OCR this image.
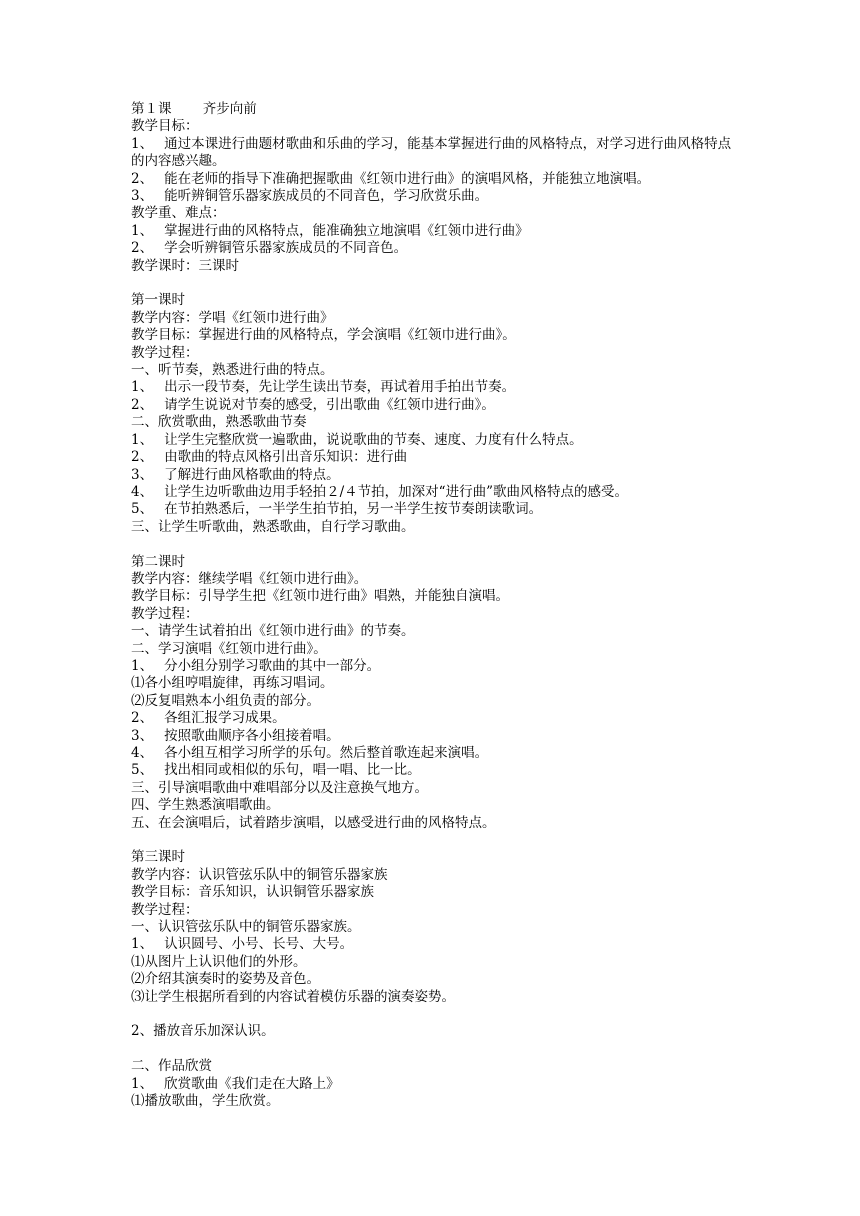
第１课　　 齐步向前
教学目标：
1、　 通过本课进行曲题材歌曲和乐曲的学习，能基本掌握进行曲的风格特点，对学习进行曲风格特点的内容感兴趣。
2、　 能在老师的指导下准确把握歌曲《红领巾进行曲》的演唱风格，并能独立地演唱。
3、　 能听辨铜管乐器家族成员的不同音色，学习欣赏乐曲。
教学重、难点：
1、　 掌握进行曲的风格特点，能准确独立地演唱《红领巾进行曲》
2、　 学会听辨铜管乐器家族成员的不同音色。
教学课时：三课时
第一课时
教学内容：学唱《红领巾进行曲》
教学目标：掌握进行曲的风格特点，学会演唱《红领巾进行曲》。
教学过程：
一、听节奏，熟悉进行曲的特点。
1、　 出示一段节奏，先让学生读出节奏，再试着用手拍出节奏。
2、　 请学生说说对节奏的感受，引出歌曲《红领巾进行曲》。
二、欣赏歌曲，熟悉歌曲节奏
1、　 让学生完整欣赏一遍歌曲，说说歌曲的节奏、速度、力度有什么特点。
2、　 由歌曲的特点风格引出音乐知识：进行曲
3、　 了解进行曲风格歌曲的特点。
4、　 让学生边听歌曲边用手轻拍２/４节拍，加深对“进行曲”歌曲风格特点的感受。
5、　 在节拍熟悉后，一半学生拍节拍，另一半学生按节奏朗读歌词。
三、让学生听歌曲，熟悉歌曲，自行学习歌曲。
第二课时
教学内容：继续学唱《红领巾进行曲》。
教学目标：引导学生把《红领巾进行曲》唱熟，并能独自演唱。
教学过程：
一、请学生试着拍出《红领巾进行曲》的节奏。
二、学习演唱《红领巾进行曲》。
1、　 分小组分别学习歌曲的其中一部分。
⑴各小组哼唱旋律，再练习唱词。
⑵反复唱熟本小组负责的部分。
2、　 各组汇报学习成果。
3、　 按照歌曲顺序各小组接着唱。
4、　 各小组互相学习所学的乐句。然后整首歌连起来演唱。
5、　 找出相同或相似的乐句，唱一唱、比一比。
三、引导演唱歌曲中难唱部分以及注意换气地方。
四、学生熟悉演唱歌曲。
五、在会演唱后，试着踏步演唱，以感受进行曲的风格特点。
第三课时
教学内容：认识管弦乐队中的铜管乐器家族
教学目标：音乐知识，认识铜管乐器家族
教学过程：
一、认识管弦乐队中的铜管乐器家族。
1、　 认识圆号、小号、长号、大号。
⑴从图片上认识他们的外形。
⑵介绍其演奏时的姿势及音色。
⑶让学生根据所看到的内容试着模仿乐器的演奏姿势。
2、播放音乐加深认识。
二、作品欣赏
1、　 欣赏歌曲《我们走在大路上》
⑴播放歌曲，学生欣赏。
